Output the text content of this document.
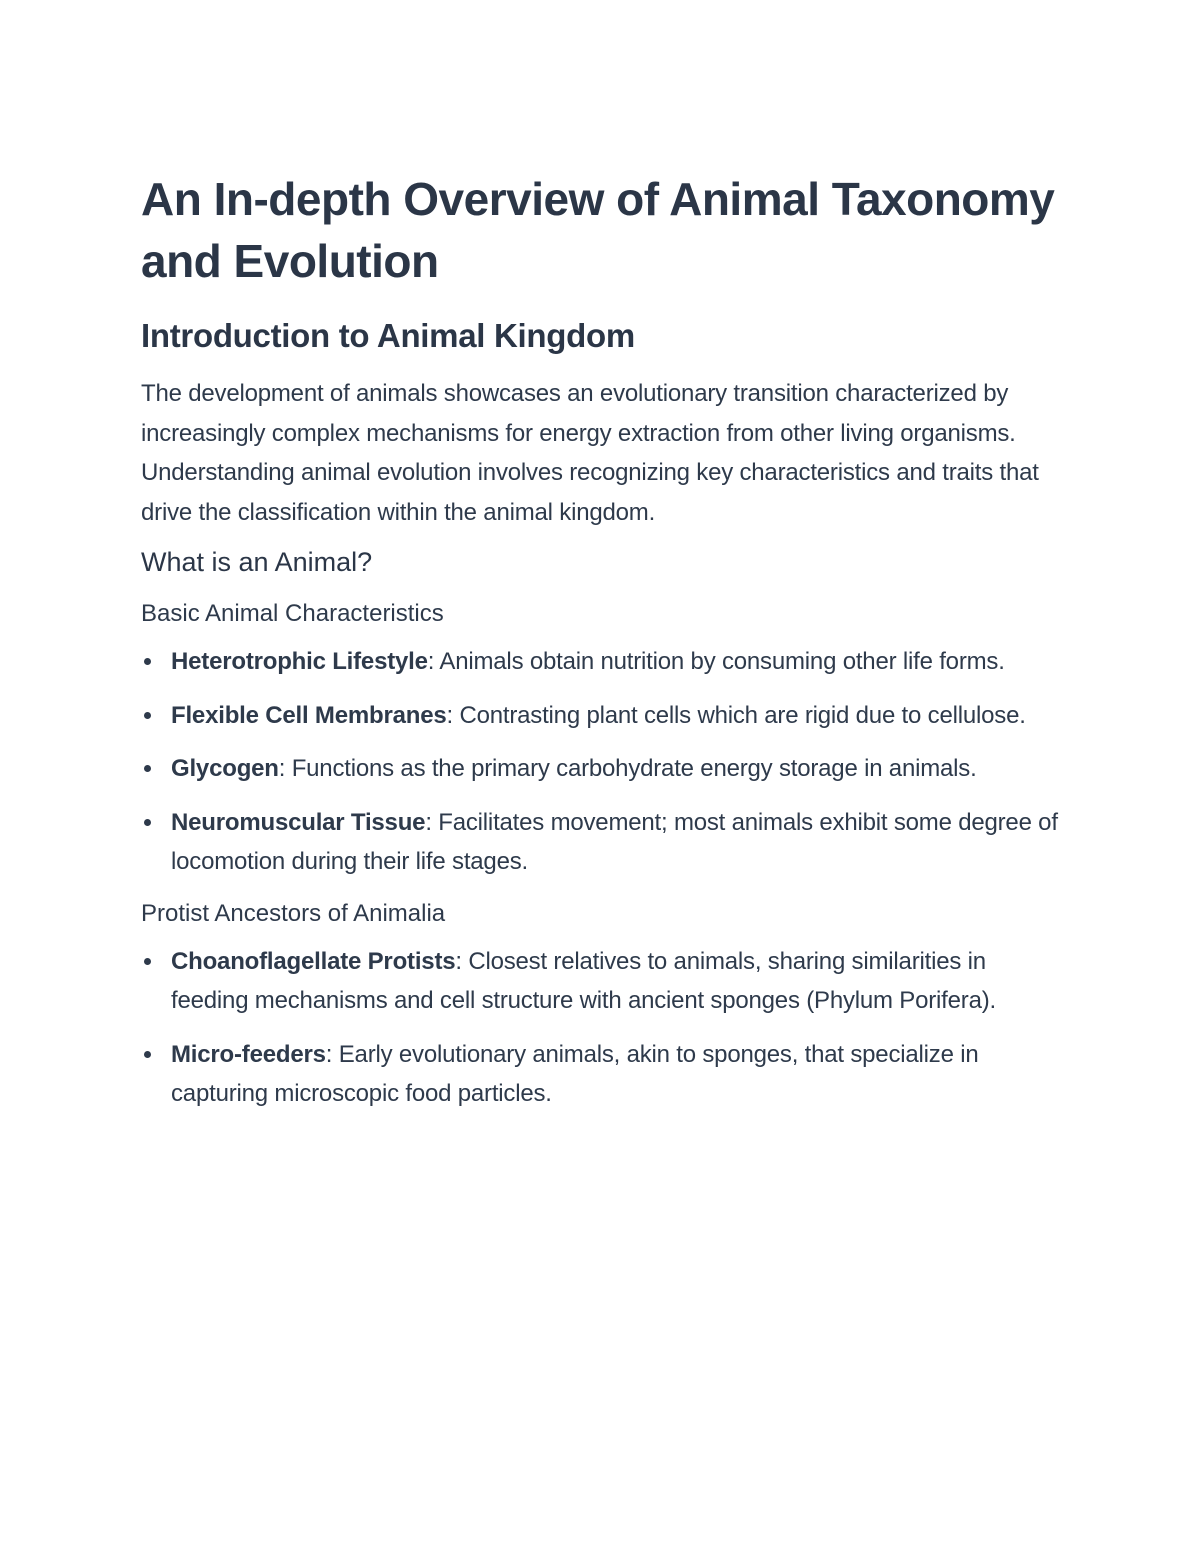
An In-depth Overview of Animal Taxonomy and Evolution
Introduction to Animal Kingdom

The development of animals showcases an evolutionary transition characterized by increasingly complex mechanisms for energy extraction from other living organisms. Understanding animal evolution involves recognizing key characteristics and traits that drive the classification within the animal kingdom.

What is an Animal?
Basic Animal Characteristics
Heterotrophic Lifestyle: Animals obtain nutrition by consuming other life forms.
Flexible Cell Membranes: Contrasting plant cells which are rigid due to cellulose.
Glycogen: Functions as the primary carbohydrate energy storage in animals.
Neuromuscular Tissue: Facilitates movement; most animals exhibit some degree of locomotion during their life stages.
Protist Ancestors of Animalia
Choanoflagellate Protists: Closest relatives to animals, sharing similarities in feeding mechanisms and cell structure with ancient sponges (Phylum Porifera).
Micro-feeders: Early evolutionary animals, akin to sponges, that specialize in capturing microscopic food particles.
